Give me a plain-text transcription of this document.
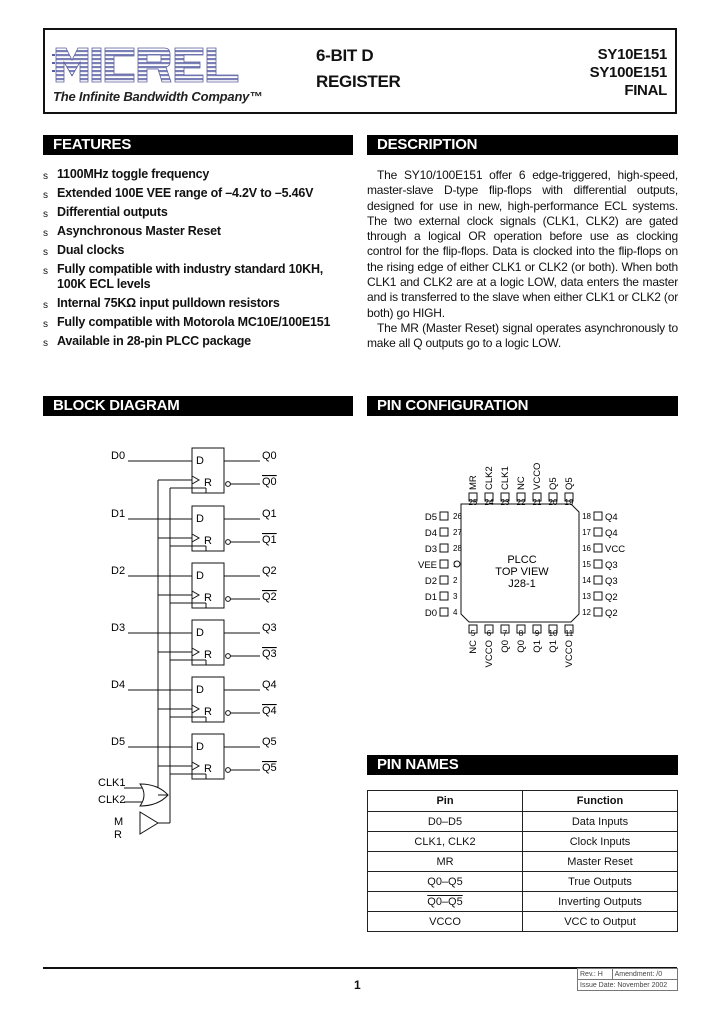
The Infinite Bandwidth Company™
6-BIT D
REGISTER
SY10E151
SY100E151
FINAL
FEATURES
s 1100MHz toggle frequency
s Extended 100E VEE range of –4.2V to –5.46V
s Differential outputs
s Asynchronous Master Reset
s Dual clocks
s Fully compatible with industry standard 10KH, 100K ECL levels
s Internal 75KΩ input pulldown resistors
s Fully compatible with Motorola MC10E/100E151
s Available in 28-pin PLCC package
DESCRIPTION

The SY10/100E151 offer 6 edge-triggered, high-speed, master-slave D-type flip-flops with differential outputs, designed for use in new, high-performance ECL systems. The two external clock signals (CLK1, CLK2) are gated through a logical OR operation before use as clocking control for the flip-flops. Data is clocked into the flip-flops on the rising edge of either CLK1 or CLK2 (or both). When both CLK1 and CLK2 are at a logic LOW, data enters the master and is transferred to the slave when either CLK1 or CLK2 (or both) go HIGH.

The MR (Master Reset) signal operates asynchronously to make all Q outputs go to a logic LOW.

BLOCK DIAGRAM
D
R
D0	Q0
Q0
D
R
D1	Q1
Q1
D
R
D2	Q2
Q2
D
R
D3	Q3
Q3
D
R
D4	Q4
Q4
D
R
D5	Q5
Q5
CLK1
CLK2
M
R
PIN CONFIGURATION
PLCC
TOP VIEW
J28-1
25
MR
5
NC
26
D5	18 Q4
24
CLK2
6
VCCO
27
D4	17 Q4
23
CLK1
7
Q0
28
D3	16 VCC
22
NC
8
Q0
VEE	15 Q3
21
VCCO
9
Q1
2
D2	14 Q3
20
Q5
10
Q1
3
D1	13 Q2
19
Q5
11
VCCO
4
D0	12 Q2
PIN NAMES
Pin	Function
D0–D5	Data Inputs
CLK1, CLK2	Clock Inputs
MR	Master Reset
Q0–Q5	True Outputs
Q0–Q5	Inverting Outputs
VCCO	VCC to Output
1
Rev.: H	Amendment: /0
Issue Date: November 2002
